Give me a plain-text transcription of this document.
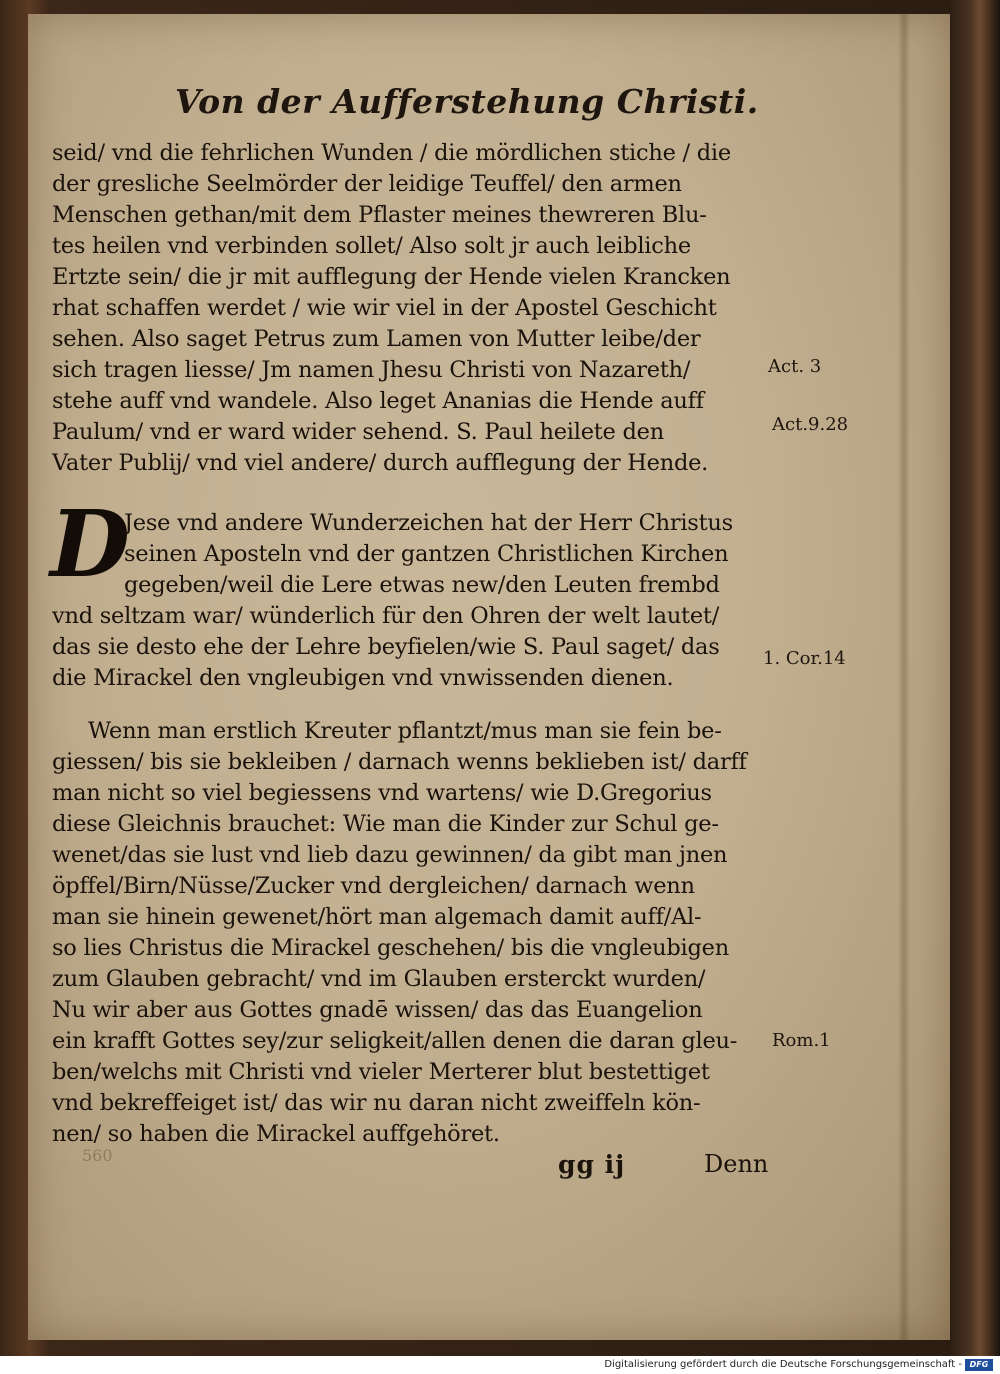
Von der Aufferstehung Christi.
seid/ vnd die fehrlichen Wunden / die mördlichen stiche / die
der gresliche Seelmörder der leidige Teuffel/ den armen
Menschen gethan/mit dem Pflaster meines thewreren Blu-
tes heilen vnd verbinden sollet/ Also solt jr auch leibliche
Ertzte sein/ die jr mit aufflegung der Hende vielen Krancken
rhat schaffen werdet / wie wir viel in der Apostel Geschicht
sehen. Also saget Petrus zum Lamen von Mutter leibe/der
sich tragen liesse/ Jm namen Jhesu Christi von Nazareth/
stehe auff vnd wandele. Also leget Ananias die Hende auff
Paulum/ vnd er ward wider sehend. S. Paul heilete den
Vater Publij/ vnd viel andere/ durch aufflegung der Hende.
D
Jese vnd andere Wunderzeichen hat der Herr Christus
seinen Aposteln vnd der gantzen Christlichen Kirchen
gegeben/weil die Lere etwas new/den Leuten frembd
vnd seltzam war/ wünderlich für den Ohren der welt lautet/
das sie desto ehe der Lehre beyfielen/wie S. Paul saget/ das
die Mirackel den vngleubigen vnd vnwissenden dienen.
Wenn man erstlich Kreuter pflantzt/mus man sie fein be-
giessen/ bis sie bekleiben / darnach wenns beklieben ist/ darff
man nicht so viel begiessens vnd wartens/ wie D.Gregorius
diese Gleichnis brauchet: Wie man die Kinder zur Schul ge-
wenet/das sie lust vnd lieb dazu gewinnen/ da gibt man jnen
öpffel/Birn/Nüsse/Zucker vnd dergleichen/ darnach wenn
man sie hinein gewenet/hört man algemach damit auff/Al-
so lies Christus die Mirackel geschehen/ bis die vngleubigen
zum Glauben gebracht/ vnd im Glauben ersterckt wurden/
Nu wir aber aus Gottes gnadē wissen/ das das Euangelion
ein krafft Gottes sey/zur seligkeit/allen denen die daran gleu-
ben/welchs mit Christi vnd vieler Merterer blut bestettiget
vnd bekreffeiget ist/ das wir nu daran nicht zweiffeln kön-
nen/ so haben die Mirackel auffgehöret.
Act. 3
Act.9.28
1. Cor.14
Rom.1
560	gg ij	Denn
Digitalisierung gefördert durch die Deutsche Forschungsgemeinschaft - DFG
